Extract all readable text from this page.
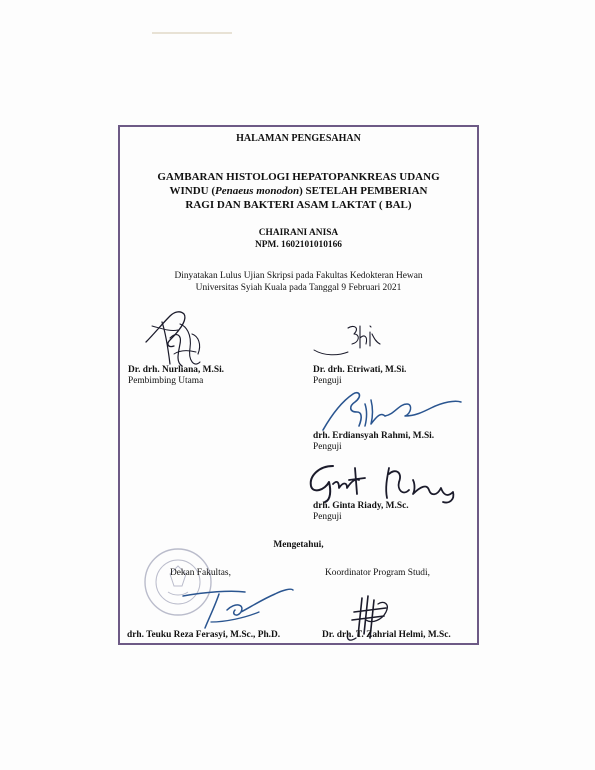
HALAMAN PENGESAHAN
GAMBARAN HISTOLOGI HEPATOPANKREAS UDANG
WINDU (Penaeus monodon) SETELAH PEMBERIAN
RAGI DAN BAKTERI ASAM LAKTAT ( BAL)
CHAIRANI ANISA
NPM. 1602101010166
Dinyatakan Lulus Ujian Skripsi pada Fakultas Kedokteran Hewan
Universitas Syiah Kuala pada Tanggal 9 Februari 2021
Dr. drh. Nurliana, M.Si.
Pembimbing Utama
Dr. drh. Etriwati, M.Si.
Penguji
drh. Erdiansyah Rahmi, M.Si.
Penguji
drh. Ginta Riady, M.Sc.
Penguji
Mengetahui,
Dekan Fakultas,	Koordinator Program Studi,
drh. Teuku Reza Ferasyi, M.Sc., Ph.D.	Dr. drh. T. Zahrial Helmi, M.Sc.
